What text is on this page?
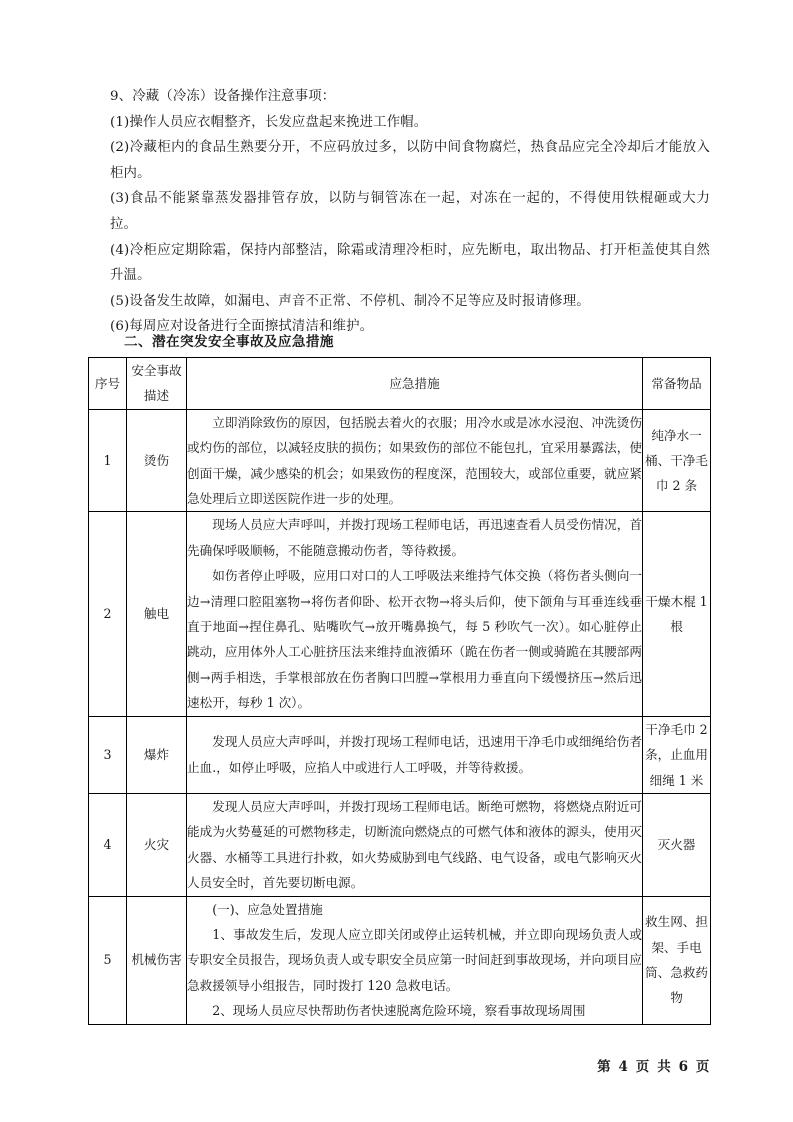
9、冷藏（冷冻）设备操作注意事项：

(1)操作人员应衣帽整齐，长发应盘起来挽进工作帽。

(2)冷藏柜内的食品生熟要分开，不应码放过多，以防中间食物腐烂，热食品应完全冷却后才能放入柜内。

(3)食品不能紧靠蒸发器排管存放，以防与铜管冻在一起，对冻在一起的，不得使用铁棍砸或大力拉。

(4)冷柜应定期除霜，保持内部整洁，除霜或清理冷柜时，应先断电，取出物品、打开柜盖使其自然升温。

(5)设备发生故障，如漏电、声音不正常、不停机、制冷不足等应及时报请修理。

(6)每周应对设备进行全面擦拭清洁和维护。

二、潜在突发安全事故及应急措施
序号	安全事故描述	应急措施	常备物品
1	烫伤	立即消除致伤的原因，包括脱去着火的衣服；用冷水或是冰水浸泡、冲洗烫伤或灼伤的部位，以减轻皮肤的损伤；如果致伤的部位不能包扎，宜采用暴露法，使创面干燥，减少感染的机会；如果致伤的程度深，范围较大，或部位重要，就应紧急处理后立即送医院作进一步的处理。	纯净水一桶、干净毛巾 2 条
2	触电	现场人员应大声呼叫，并拨打现场工程师电话，再迅速查看人员受伤情况，首先确保呼吸顺畅，不能随意搬动伤者，等待救援。

如伤者停止呼吸，应用口对口的人工呼吸法来维持气体交换（将伤者头侧向一边→清理口腔阻塞物→将伤者仰卧、松开衣物→将头后仰，使下颌角与耳垂连线垂直于地面→捏住鼻孔、贴嘴吹气→放开嘴鼻换气，每 5 秒吹气一次）。如心脏停止跳动，应用体外人工心脏挤压法来维持血液循环（跪在伤者一侧或骑跪在其腰部两侧→两手相迭，手掌根部放在伤者胸口凹膛→掌根用力垂直向下缓慢挤压→然后迅速松开，每秒 1 次）。	干燥木棍 1 根
3	爆炸	发现人员应大声呼叫，并拨打现场工程师电话，迅速用干净毛巾或细绳给伤者止血.，如停止呼吸，应掐人中或进行人工呼吸，并等待救援。	干净毛巾 2 条，止血用细绳 1 米
4	火灾	发现人员应大声呼叫，并拨打现场工程师电话。断绝可燃物，将燃烧点附近可能成为火势蔓延的可燃物移走，切断流向燃烧点的可燃气体和液体的源头，使用灭火器、水桶等工具进行扑救，如火势威胁到电气线路、电气设备，或电气影响灭火人员安全时，首先要切断电源。	灭火器
5	机械伤害	(一)、应急处置措施

1、事故发生后，发现人应立即关闭或停止运转机械，并立即向现场负责人或专职安全员报告，现场负责人或专职安全员应第一时间赶到事故现场，并向项目应急救援领导小组报告，同时拨打 120 急救电话。

2、现场人员应尽快帮助伤者快速脱离危险环境，察看事故现场周围	救生网、担架、手电筒、急救药物
第 4 页 共 6 页
